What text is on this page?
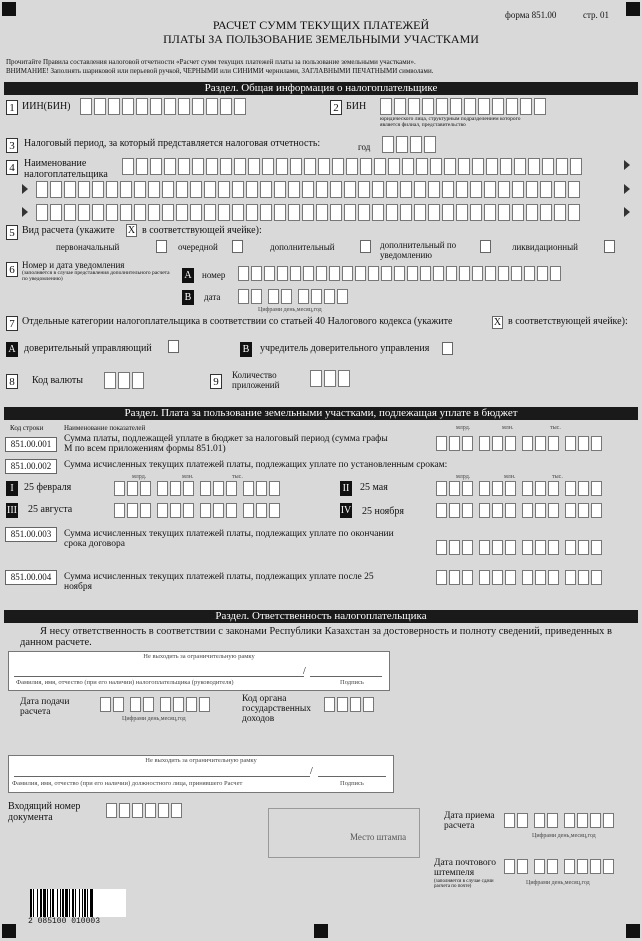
форма 851.00	стр. 01
РАСЧЕТ СУММ ТЕКУЩИХ ПЛАТЕЖЕЙ
ПЛАТЫ ЗА ПОЛЬЗОВАНИЕ ЗЕМЕЛЬНЫМИ УЧАСТКАМИ
Прочитайте Правила составления налоговой отчетности «Расчет сумм текущих платежей платы за пользование земельными участками».
ВНИМАНИЕ! Заполнять шариковой или перьевой ручкой, ЧЕРНЫМИ или СИНИМИ чернилами, ЗАГЛАВНЫМИ ПЕЧАТНЫМИ символами.
Раздел. Общая информация о налогоплательщике
1 ИИН(БИН)	2 БИН
юридического лица, структурным подразделением которого является филиал, представительство
3 Налоговый период, за который представляется налоговая отчетность:	год
4 Наименование налогоплательщика
5 Вид расчета (укажите X в соответствующей ячейке):
первоначальный	очередной	дополнительный	дополнительный по уведомлению
ликвидационный
6 Номер и дата уведомления
(заполняется в случае представления дополнительного расчета по уведомлению)	A номер
B дата
Цифрами день,месяц,год
7 Отдельные категории налогоплательщика в соответствии со статьей 40 Налогового кодекса (укажите	X в соответствующей ячейке):
A доверительный управляющий	B учредитель доверительного управления
8	Код валюты	9
Количество приложений
Раздел. Плата за пользование земельными участками, подлежащая уплате в бюджет
Код строки	Наименование показателей	млрд.	млн.	тыс.
851.00.001	Сумма платы, подлежащей уплате в бюджет за налоговый период (сумма графы М по всем приложениям формы 851.01)
851.00.002	Сумма исчисленных текущих платежей платы, подлежащих уплате по установленным срокам:
млрд.	млн.	тыс.	млрд.	млн.	тыс.
I	25 февраля	II 25 мая
III 25 августа	IV 25 ноября
851.00.003	Сумма исчисленных текущих платежей платы, подлежащих уплате по окончании срока договора
851.00.004	Сумма исчисленных текущих платежей платы, подлежащих уплате после 25 ноября
Раздел. Ответственность налогоплательщика
Я несу ответственность в соответствии с законами Республики Казахстан за достоверность и полноту сведений, приведенных в данном расчете.
Не выходить за ограничительную рамку
/
Фамилия, имя, отчество (при его наличии) налогоплательщика (руководителя)	Подпись
Дата подачи расчета
Цифрами день,месяц,год
Код органа государственных доходов
Не выходить за ограничительную рамку
/
Фамилия, имя, отчество (при его наличии) должностного лица, принявшего Расчет	Подпись
Входящий номер документа
Место штампа
Дата приема расчета
Цифрами день,месяц,год
Дата почтового штемпеля
(заполняется в случае сдачи расчета по почте)
Цифрами день,месяц,год
2 085100 010003
